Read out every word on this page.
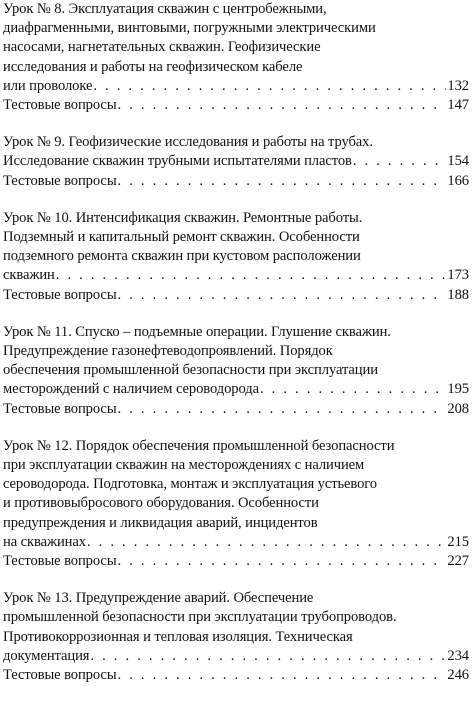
Урок № 8. Эксплуатация скважин с центробежными,
диафрагменными, винтовыми, погружными электрическими
насосами, нагнетательных скважин. Геофизические
исследования и работы на геофизическом кабеле
или проволоке . . .	132
Тестовые вопросы . . .	147
Урок № 9. Геофизические исследования и работы на трубах.
Исследование скважин трубными испытателями пластов . . .	154
Тестовые вопросы . . .	166
Урок № 10. Интенсификация скважин. Ремонтные работы.
Подземный и капитальный ремонт скважин. Особенности
подземного ремонта скважин при кустовом расположении
скважин . . .	173
Тестовые вопросы . . .	188
Урок № 11. Спуско – подъемные операции. Глушение скважин.
Предупреждение газонефтеводопроявлений. Порядок
обеспечения промышленной безопасности при эксплуатации
месторождений с наличием сероводорода . . .	195
Тестовые вопросы . . .	208
Урок № 12. Порядок обеспечения промышленной безопасности
при эксплуатации скважин на месторождениях с наличием
сероводорода. Подготовка, монтаж и эксплуатация устьевого
и противовыбросового оборудования. Особенности
предупреждения и ликвидация аварий, инцидентов
на скважинах . . .	215
Тестовые вопросы . . .	227
Урок № 13. Предупреждение аварий. Обеспечение
промышленной безопасности при эксплуатации трубопроводов.
Противокоррозионная и тепловая изоляция. Техническая
документация . . .	234
Тестовые вопросы . . .	246
